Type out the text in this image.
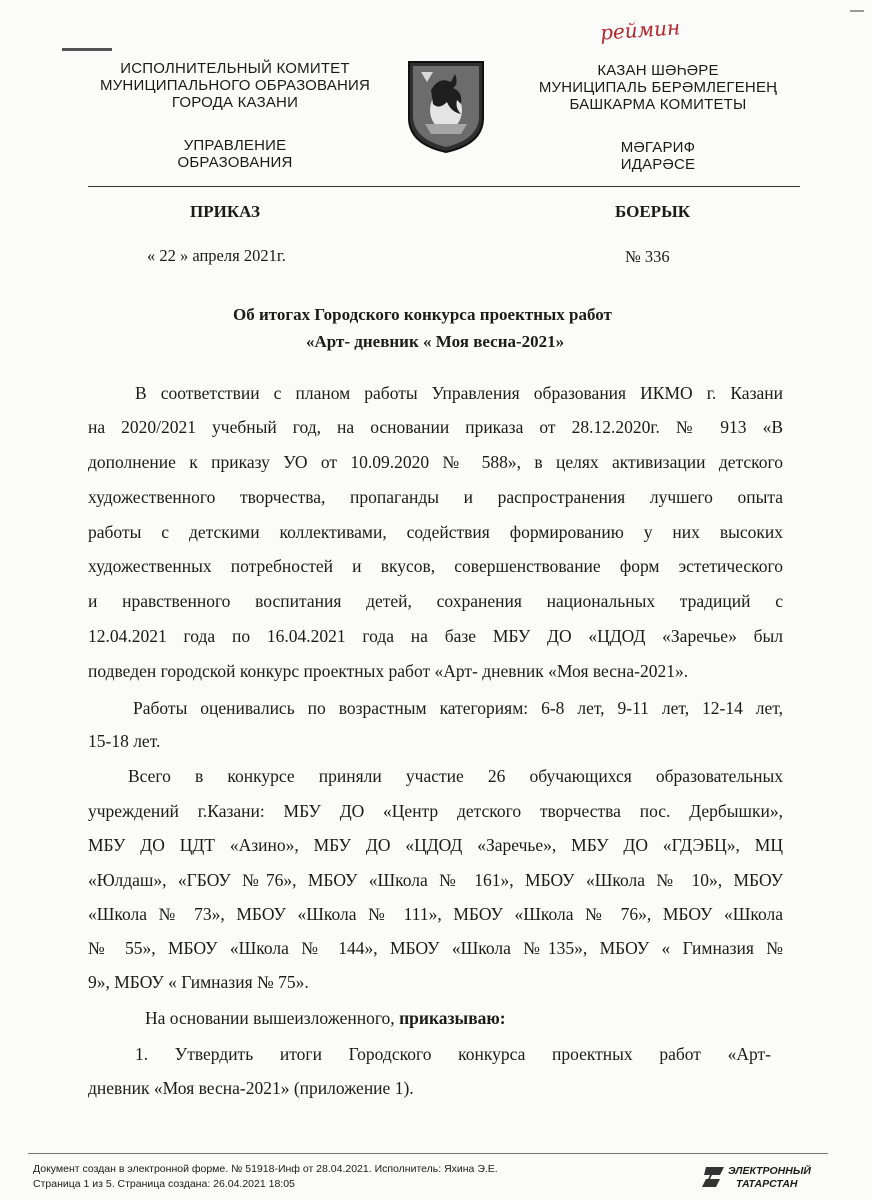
реймин
ИСПОЛНИТЕЛЬНЫЙ КОМИТЕТ
МУНИЦИПАЛЬНОГО ОБРАЗОВАНИЯ
ГОРОДА КАЗАНИ
УПРАВЛЕНИЕ
ОБРАЗОВАНИЯ
КАЗАН ШӘҺӘРЕ
МУНИЦИПАЛЬ БЕРӘМЛЕГЕНЕҢ
БАШКАРМА КОМИТЕТЫ
МӘГАРИФ
ИДАРӘСЕ
ПРИКАЗ	БОЕРЫК
« 22 » апреля 2021г.	№ 336
Об итогах Городского конкурса проектных работ
«Арт- дневник « Моя весна-2021»
В соответствии с планом работы Управления образования ИКМО г. Казани
на 2020/2021 учебный год, на основании приказа от 28.12.2020г. № 913 «В
дополнение к приказу УО от 10.09.2020 № 588», в целях активизации детского
художественного творчества, пропаганды и распространения лучшего опыта
работы с детскими коллективами, содействия формированию у них высоких
художественных потребностей и вкусов, совершенствование форм эстетического
и нравственного воспитания детей, сохранения национальных традиций с
12.04.2021 года по 16.04.2021 года на базе МБУ ДО «ЦДОД «Заречье» был
подведен городской конкурс проектных работ «Арт- дневник «Моя весна-2021».
Работы оценивались по возрастным категориям: 6-8 лет, 9-11 лет, 12-14 лет,
15-18 лет.
Всего в конкурсе приняли участие 26 обучающихся образовательных
учреждений г.Казани: МБУ ДО «Центр детского творчества пос. Дербышки»,
МБУ ДО ЦДТ «Азино», МБУ ДО «ЦДОД «Заречье», МБУ ДО «ГДЭБЦ», МЦ
«Юлдаш», «ГБОУ №76», МБОУ «Школа № 161», МБОУ «Школа № 10», МБОУ
«Школа № 73», МБОУ «Школа № 111», МБОУ «Школа № 76», МБОУ «Школа
№ 55», МБОУ «Школа № 144», МБОУ «Школа №135», МБОУ « Гимназия №
9», МБОУ « Гимназия № 75».
На основании вышеизложенного, приказываю:
1. Утвердить итоги Городского конкурса проектных работ «Арт-
дневник «Моя весна-2021» (приложение 1).
Документ создан в электронной форме. № 51918-Инф от 28.04.2021. Исполнитель: Яхина Э.Е.
Страница 1 из 5. Страница создана: 26.04.2021 18:05
ЭЛЕКТРОННЫЙ
ТАТАРСТАН
